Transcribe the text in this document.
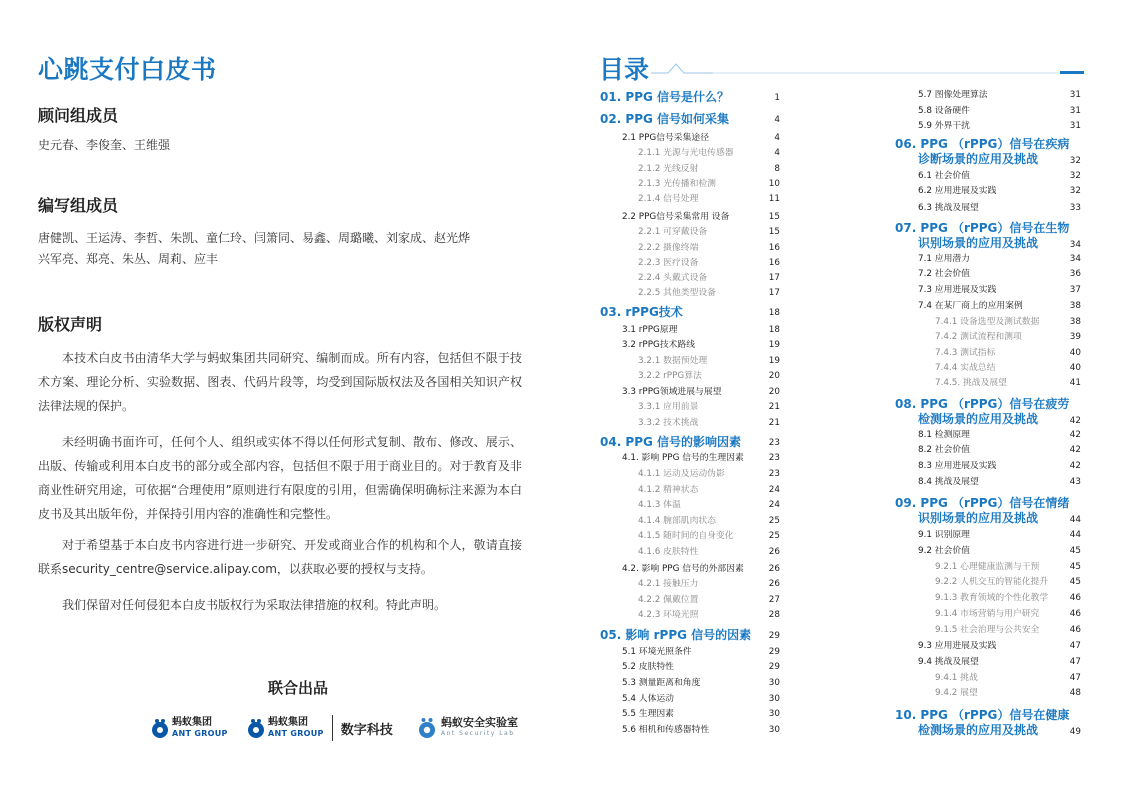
心跳支付白皮书
顾问组成员
史元春、李俊奎、王维强
编写组成员
唐健凯、王运涛、李哲、朱凯、童仁玲、闫箫同、易鑫、周璐曦、刘家成、赵光烨
兴军亮、郑亮、朱丛、周莉、应丰
版权声明

本技术白皮书由清华大学与蚂蚁集团共同研究、编制而成。所有内容，包括但不限于技术方案、理论分析、实验数据、图表、代码片段等，均受到国际版权法及各国相关知识产权法律法规的保护。

未经明确书面许可，任何个人、组织或实体不得以任何形式复制、散布、修改、展示、出版、传输或利用本白皮书的部分或全部内容，包括但不限于用于商业目的。对于教育及非商业性研究用途，可依据“合理使用”原则进行有限度的引用，但需确保明确标注来源为本白皮书及其出版年份，并保持引用内容的准确性和完整性。

对于希望基于本白皮书内容进行进一步研究、开发或商业合作的机构和个人，敬请直接联系security_centre@service.alipay.com，以获取必要的授权与支持。

我们保留对任何侵犯本白皮书版权行为采取法律措施的权利。特此声明。

联合出品
蚂蚁集团
ANT GROUP
蚂蚁集团
ANT GROUP 数字科技	蚂蚁安全实验室
Ant Security Lab
目录
01. PPG 信号是什么？	1
02. PPG 信号如何采集	4
2.1 PPG信号采集途径	4
2.1.1 光源与光电传感器	4
2.1.2 光线反射	8
2.1.3 光传播和检测	10
2.1.4 信号处理	11
2.2 PPG信号采集常用 设备	15
2.2.1 可穿戴设备	15
2.2.2 摄像终端	16
2.2.3 医疗设备	16
2.2.4 头戴式设备	17
2.2.5 其他类型设备	17
03. rPPG技术	18
3.1 rPPG原理	18
3.2 rPPG技术路线	19
3.2.1 数据预处理	19
3.2.2 rPPG算法	20
3.3 rPPG领域进展与展望	20
3.3.1 应用前景	21
3.3.2 技术挑战	21
04. PPG 信号的影响因素	23
4.1. 影响 PPG 信号的生理因素	23
4.1.1 运动及运动伪影	23
4.1.2 精神状态	24
4.1.3 体温	24
4.1.4 腕部肌肉状态	25
4.1.5 随时间的自身变化	25
4.1.6 皮肤特性	26
4.2. 影响 PPG 信号的外部因素	26
4.2.1 接触压力	26
4.2.2 佩戴位置	27
4.2.3 环境光照	28
05. 影响 rPPG 信号的因素 29
5.1 环境光照条件	29
5.2 皮肤特性	29
5.3 测量距离和角度	30
5.4 人体运动	30
5.5 生理因素	30
5.6 相机和传感器特性	30
5.7 图像处理算法	31
5.8 设备硬件	31
5.9 外界干扰	31
06. PPG （rPPG）信号在疾病
诊断场景的应用及挑战	32
6.1 社会价值	32
6.2 应用进展及实践	32
6.3 挑战及展望	33
07. PPG （rPPG）信号在生物
识别场景的应用及挑战	34
7.1 应用潜力	34
7.2 社会价值	36
7.3 应用进展及实践	37
7.4 在某厂商上的应用案例	38
7.4.1 设备选型及测试数据	38
7.4.2 测试流程和测项	39
7.4.3 测试指标	40
7.4.4 实战总结	40
7.4.5. 挑战及展望	41
08. PPG （rPPG）信号在疲劳
检测场景的应用及挑战	42
8.1 检测原理	42
8.2 社会价值	42
8.3 应用进展及实践	42
8.4 挑战及展望	43
09. PPG （rPPG）信号在情绪
识别场景的应用及挑战	44
9.1 识别原理	44
9.2 社会价值	45
9.2.1 心理健康监测与干预	45
9.2.2 人机交互的智能化提升 45
9.1.3 教育领域的个性化教学 46
9.1.4 市场营销与用户研究	46
9.1.5 社会治理与公共安全	46
9.3 应用进展及实践	47
9.4 挑战及展望	47
9.4.1 挑战	47
9.4.2 展望	48
10. PPG （rPPG）信号在健康
检测场景的应用及挑战	49
